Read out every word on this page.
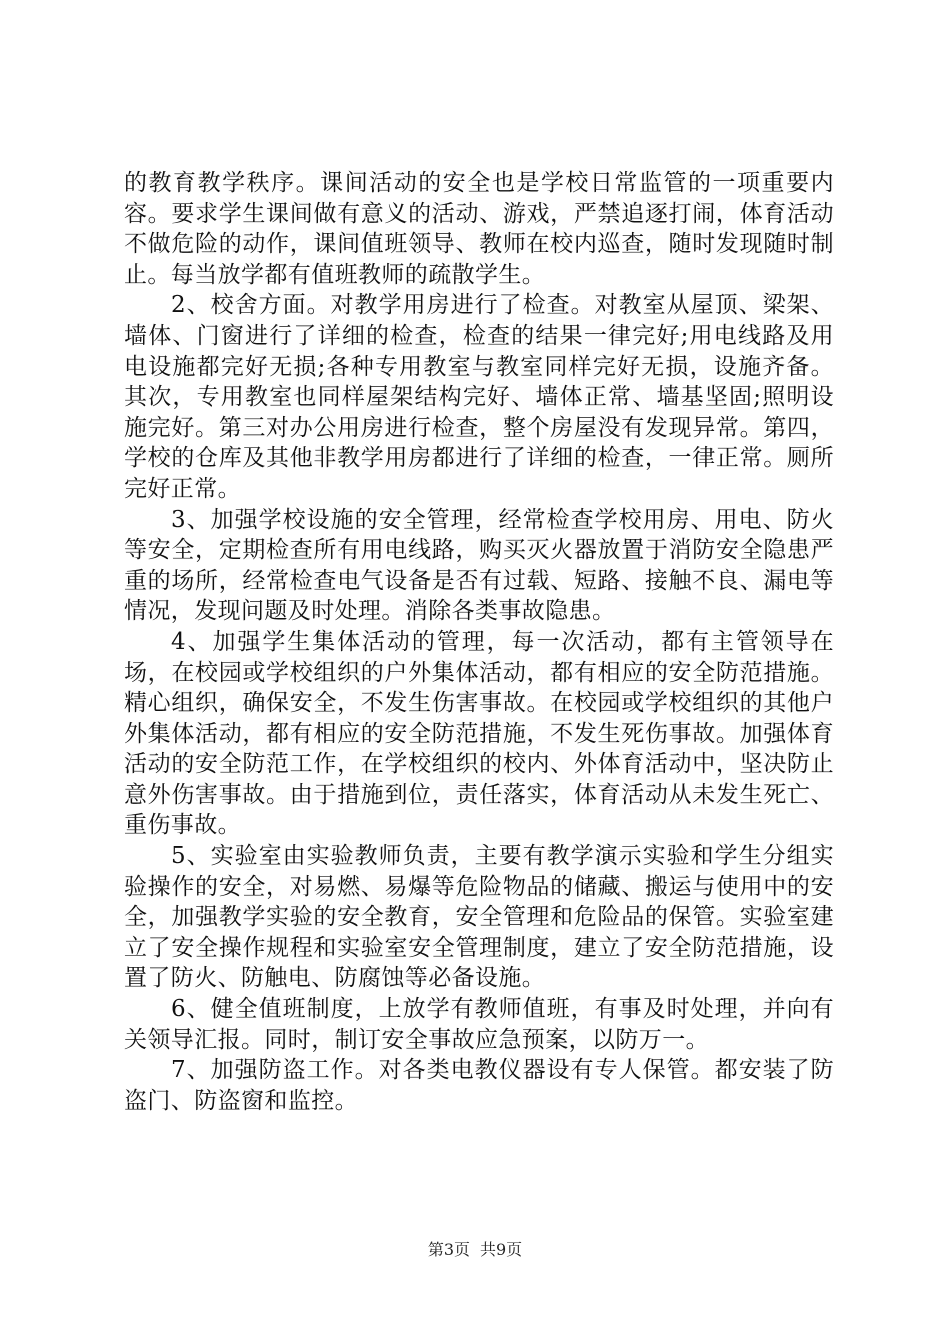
的教育教学秩序。课间活动的安全也是学校日常监管的一项重要内容。要求学生课间做有意义的活动、游戏，严禁追逐打闹，体育活动不做危险的动作，课间值班领导、教师在校内巡查，随时发现随时制止。每当放学都有值班教师的疏散学生。

2、校舍方面。对教学用房进行了检查。对教室从屋顶、梁架、墙体、门窗进行了详细的检查，检查的结果一律完好;用电线路及用电设施都完好无损;各种专用教室与教室同样完好无损，设施齐备。其次，专用教室也同样屋架结构完好、墙体正常、墙基坚固;照明设施完好。第三对办公用房进行检查，整个房屋没有发现异常。第四，学校的仓库及其他非教学用房都进行了详细的检查，一律正常。厕所完好正常。

3、加强学校设施的安全管理，经常检查学校用房、用电、防火等安全，定期检查所有用电线路，购买灭火器放置于消防安全隐患严重的场所，经常检查电气设备是否有过载、短路、接触不良、漏电等情况，发现问题及时处理。消除各类事故隐患。

4、加强学生集体活动的管理，每一次活动，都有主管领导在场，在校园或学校组织的户外集体活动，都有相应的安全防范措施。精心组织，确保安全，不发生伤害事故。在校园或学校组织的其他户外集体活动，都有相应的安全防范措施，不发生死伤事故。加强体育活动的安全防范工作，在学校组织的校内、外体育活动中，坚决防止意外伤害事故。由于措施到位，责任落实，体育活动从未发生死亡、重伤事故。

5、实验室由实验教师负责，主要有教学演示实验和学生分组实验操作的安全，对易燃、易爆等危险物品的储藏、搬运与使用中的安全，加强教学实验的安全教育，安全管理和危险品的保管。实验室建立了安全操作规程和实验室安全管理制度，建立了安全防范措施，设置了防火、防触电、防腐蚀等必备设施。

6、健全值班制度，上放学有教师值班，有事及时处理，并向有关领导汇报。同时，制订安全事故应急预案，以防万一。

7、加强防盗工作。对各类电教仪器设有专人保管。都安装了防盗门、防盗窗和监控。

第3页 共9页
